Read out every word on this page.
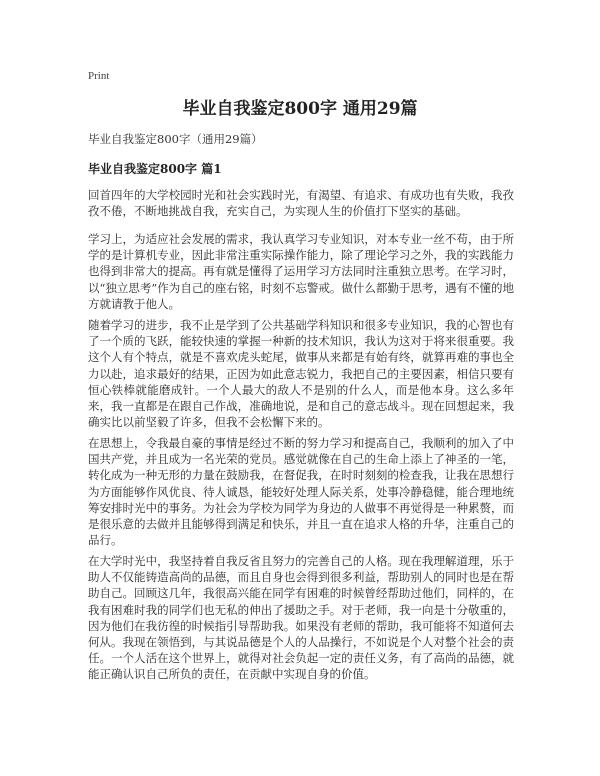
Print
毕业自我鉴定800字 通用29篇
毕业自我鉴定800字（通用29篇）
毕业自我鉴定800字 篇1

回首四年的大学校园时光和社会实践时光，有渴望、有追求、有成功也有失败，我孜孜不倦，不断地挑战自我，充实自己，为实现人生的价值打下坚实的基础。

学习上，为适应社会发展的需求，我认真学习专业知识，对本专业一丝不苟，由于所学的是计算机专业，因此非常注重实际操作能力，除了理论学习之外，我的实践能力也得到非常大的提高。再有就是懂得了运用学习方法同时注重独立思考。在学习时，以“独立思考”作为自己的座右铭，时刻不忘警戒。做什么都勤于思考，遇有不懂的地方就请教于他人。

随着学习的进步，我不止是学到了公共基础学科知识和很多专业知识，我的心智也有了一个质的飞跃，能较快速的掌握一种新的技术知识，我认为这对于将来很重要。我这个人有个特点，就是不喜欢虎头蛇尾，做事从来都是有始有终，就算再难的事也全力以赴，追求最好的结果，正因为如此意志锐力，我把自己的主要因素，相信只要有恒心铁棒就能磨成针。一个人最大的敌人不是别的什么人，而是他本身。这么多年来，我一直都是在跟自己作战，准确地说，是和自己的意志战斗。现在回想起来，我确实比以前坚毅了许多，但我不会松懈下来的。

在思想上，令我最自豪的事情是经过不断的努力学习和提高自己，我顺利的加入了中国共产党，并且成为一名光荣的党员。感觉就像在自己的生命上添上了神圣的一笔，转化成为一种无形的力量在鼓励我，在督促我，在时时刻刻的检查我，让我在思想行为方面能够作风优良、待人诚恳，能较好处理人际关系，处事冷静稳健，能合理地统筹安排时光中的事务。为社会为学校为同学为身边的人做事不再觉得是一种累赘，而是很乐意的去做并且能够得到满足和快乐，并且一直在追求人格的升华，注重自己的品行。

在大学时光中，我坚持着自我反省且努力的完善自己的人格。现在我理解道理，乐于助人不仅能铸造高尚的品德，而且自身也会得到很多利益，帮助别人的同时也是在帮助自己。回顾这几年，我很高兴能在同学有困难的时候曾经帮助过他们，同样的，在我有困难时我的同学们也无私的伸出了援助之手。对于老师，我一向是十分敬重的，因为他们在我彷徨的时候指引导帮助我。如果没有老师的帮助，我可能将不知道何去何从。我现在领悟到，与其说品德是个人的人品操行，不如说是个人对整个社会的责任。一个人活在这个世界上，就得对社会负起一定的责任义务，有了高尚的品德，就能正确认识自己所负的责任，在贡献中实现自身的价值。
